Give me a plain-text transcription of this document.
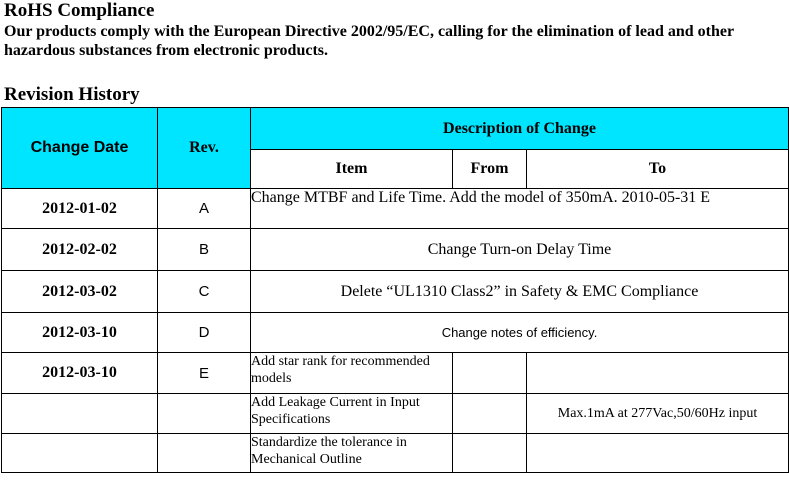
RoHS Compliance
Our products comply with the European Directive 2002/95/EC, calling for the elimination of lead and other hazardous substances from electronic products.
Revision History
Change Date	Rev.	Description of Change		
		Item	From	To
2012-01-02	A	Change MTBF and Life Time. Add the model of 350mA. 2010-05-31 E		
2012-02-02	B	Change Turn-on Delay Time		
2012-03-02	C	Delete “UL1310 Class2” in Safety & EMC Compliance		
2012-03-10	D	Change notes of efficiency.		
2012-03-10	E	Add star rank for recommended models		
		Add Leakage Current in Input Specifications		Max.1mA at 277Vac,50/60Hz input
		Standardize the tolerance in Mechanical Outline		
